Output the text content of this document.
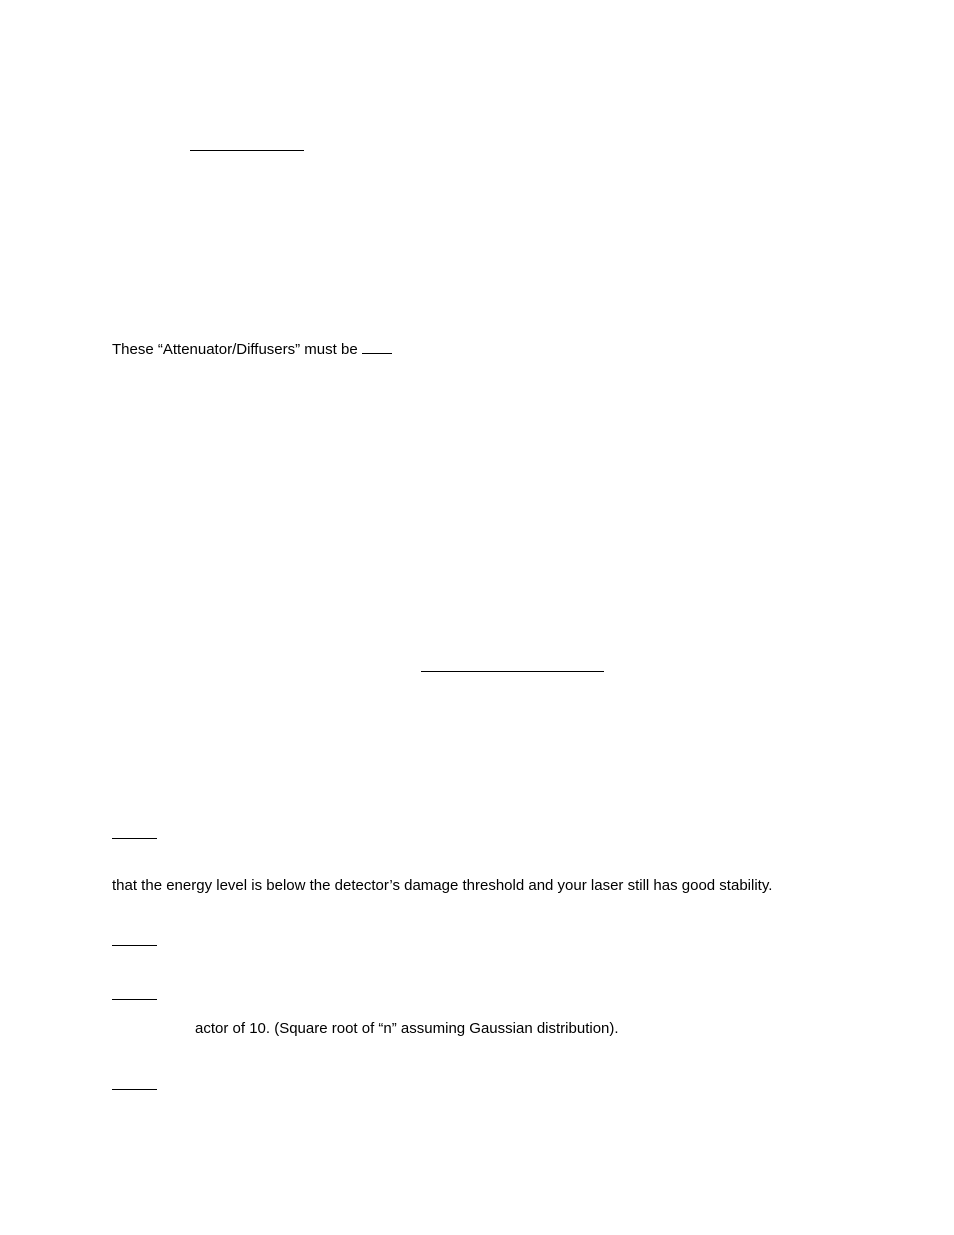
These “Attenuator/Diffusers” must be
that the energy level is below the detector’s damage threshold and your laser still has good stability.
actor of 10. (Square root of “n” assuming Gaussian distribution).
